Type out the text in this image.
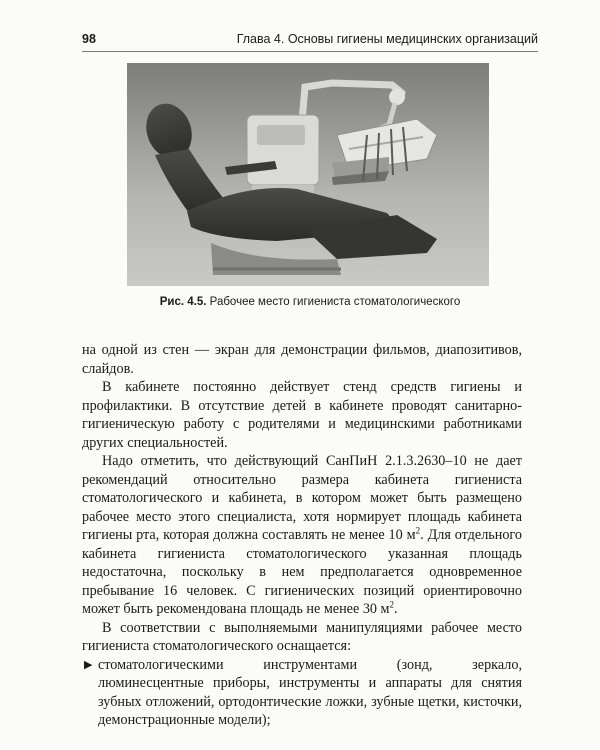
98	Глава 4. Основы гигиены медицинских организаций
Рис. 4.5. Рабочее место гигиениста стоматологического

на одной из стен — экран для демонстрации фильмов, диапозитивов, слайдов.

В кабинете постоянно действует стенд средств гигиены и профилактики. В отсутствие детей в кабинете проводят санитарно-гигиеническую работу с родителями и медицинскими работниками других специальностей.

Надо отметить, что действующий СанПиН 2.1.3.2630–10 не дает рекомендаций относительно размера кабинета гигиениста стоматологического и кабинета, в котором может быть размещено рабочее место этого специалиста, хотя нормирует площадь кабинета гигиены рта, которая должна составлять не менее 10 $м^2$. Для отдельного кабинета гигиениста стоматологического указанная площадь недостаточна, поскольку в нем предполагается одновременное пребывание 16 человек. С гигиенических позиций ориентировочно может быть рекомендована площадь не менее 30 $м^2$.

В соответствии с выполняемыми манипуляциями рабочее место гигиениста стоматологического оснащается:

▶ стоматологическими инструментами (зонд, зеркало, люминесцентные приборы, инструменты и аппараты для снятия зубных отложений, ортодонтические ложки, зубные щетки, кисточки, демонстрационные модели);
